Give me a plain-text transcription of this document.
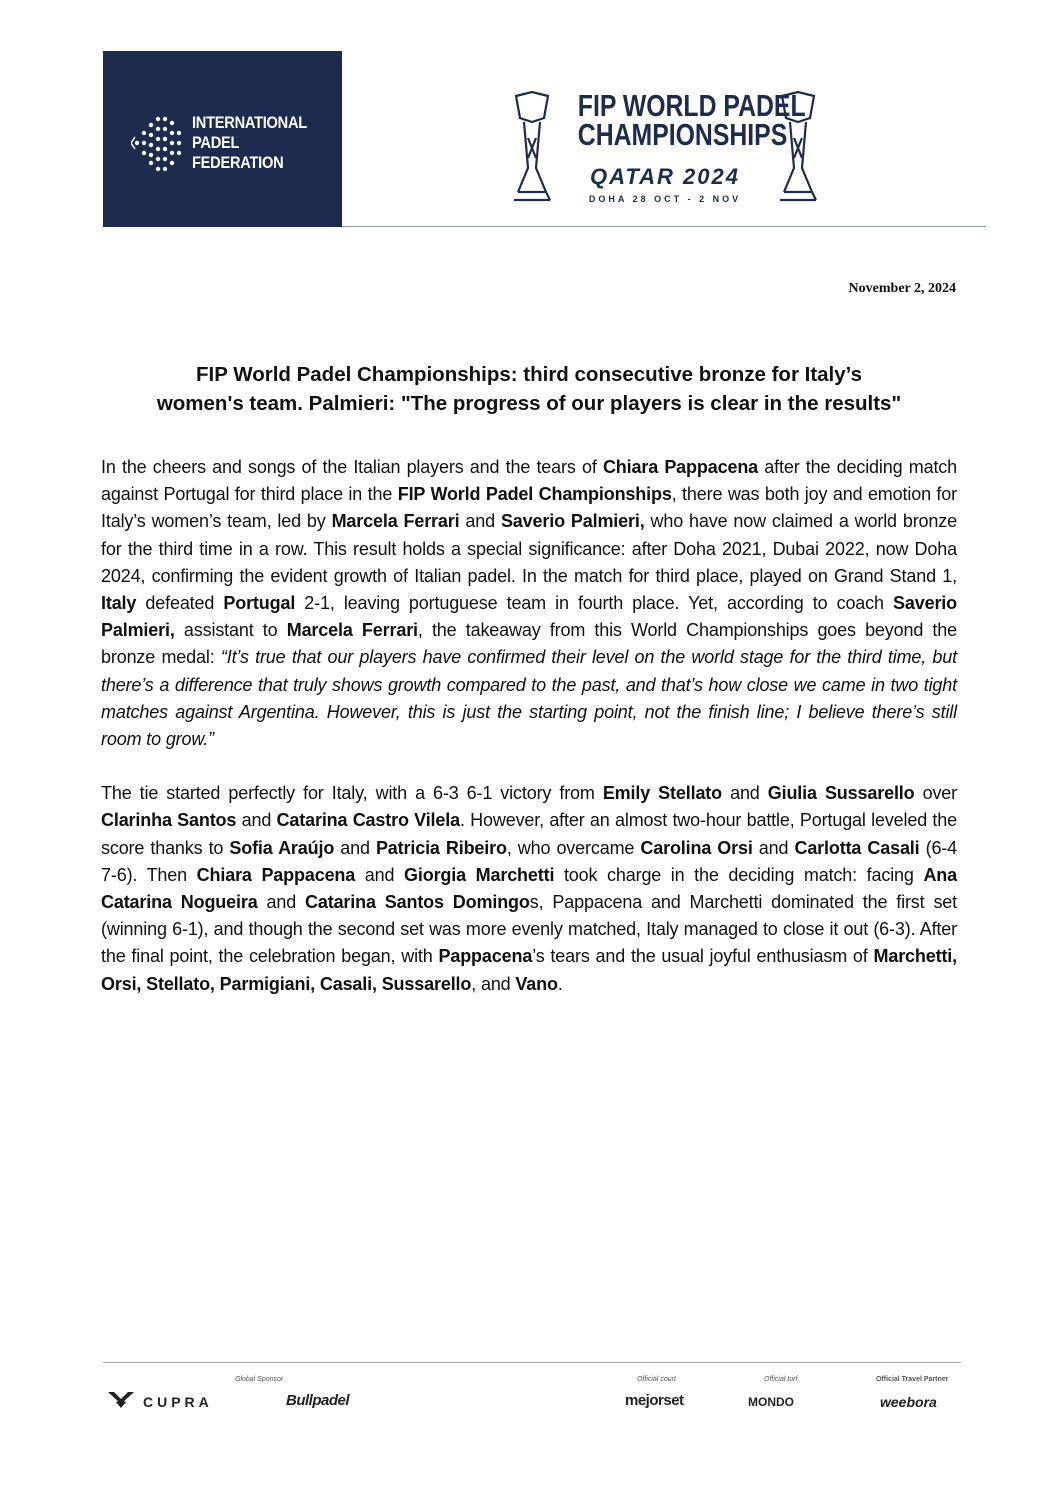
INTERNATIONAL
PADEL
FEDERATION
FIP WORLD PADEL
CHAMPIONSHIPS
QATAR 2024
DOHA 28 OCT - 2 NOV
November 2, 2024
FIP World Padel Championships: third consecutive bronze for Italy’s
women's team. Palmieri: "The progress of our players is clear in the results"

In the cheers and songs of the Italian players and the tears of Chiara Pappacena after the deciding match against Portugal for third place in the FIP World Padel Championships, there was both joy and emotion for Italy’s women’s team, led by Marcela Ferrari and Saverio Palmieri, who have now claimed a world bronze for the third time in a row. This result holds a special significance: after Doha 2021, Dubai 2022, now Doha 2024, confirming the evident growth of Italian padel. In the match for third place, played on Grand Stand 1, Italy defeated Portugal 2-1, leaving portuguese team in fourth place. Yet, according to coach Saverio Palmieri, assistant to Marcela Ferrari, the takeaway from this World Championships goes beyond the bronze medal: “It’s true that our players have confirmed their level on the world stage for the third time, but there’s a difference that truly shows growth compared to the past, and that’s how close we came in two tight matches against Argentina. However, this is just the starting point, not the finish line; I believe there’s still room to grow.”

The tie started perfectly for Italy, with a 6-3 6-1 victory from Emily Stellato and Giulia Sussarello over Clarinha Santos and Catarina Castro Vilela. However, after an almost two-hour battle, Portugal leveled the score thanks to Sofia Araújo and Patricia Ribeiro, who overcame Carolina Orsi and Carlotta Casali (6-4 7-6). Then Chiara Pappacena and Giorgia Marchetti took charge in the deciding match: facing Ana Catarina Nogueira and Catarina Santos Domingos, Pappacena and Marchetti dominated the first set (winning 6-1), and though the second set was more evenly matched, Italy managed to close it out (6-3). After the final point, the celebration began, with Pappacena’s tears and the usual joyful enthusiasm of Marchetti, Orsi, Stellato, Parmigiani, Casali, Sussarello, and Vano.

Global Sponsor	Official court	Official turf	Official Travel Partner
CUPRA	Bullpadel	mejorset	MONDO	weebora
